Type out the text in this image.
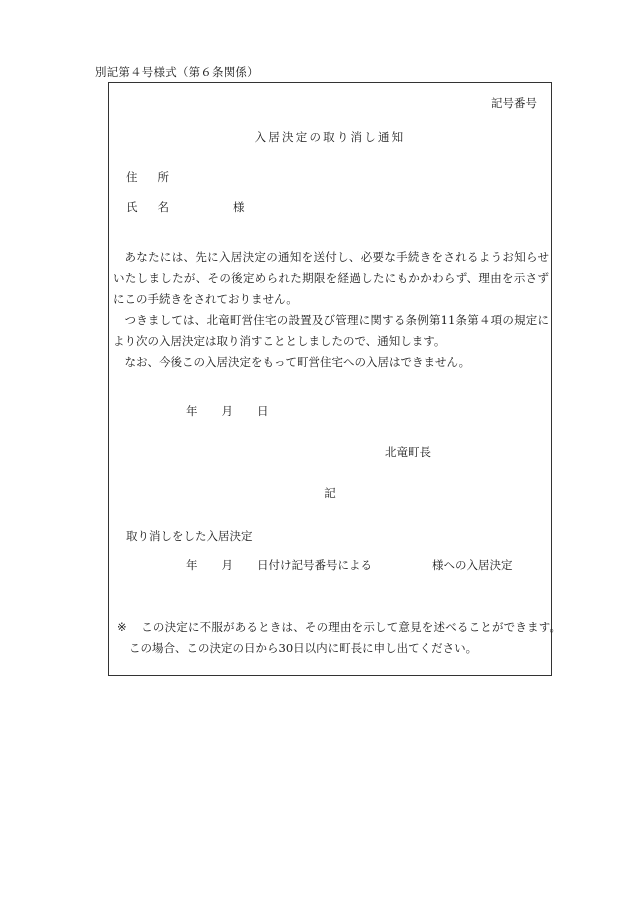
別記第４号様式（第６条関係）
記号番号
入居決定の取り消し通知
住 所
氏 名	様

あなたには、先に入居決定の通知を送付し、必要な手続きをされるようお知らせいたしましたが、その後定められた期限を経過したにもかかわらず、理由を示さずにこの手続きをされておりません。

つきましては、北竜町営住宅の設置及び管理に関する条例第11条第４項の規定により次の入居決定は取り消すこととしましたので、通知します。

なお、今後この入居決定をもって町営住宅への入居はできません。

年 月 日
北竜町長
記
取り消しをした入居決定
年 月 日付け記号番号による	様への入居決定
※ この決定に不服があるときは、その理由を示して意見を述べることができます。この場合、この決定の日から30日以内に町長に申し出てください。
